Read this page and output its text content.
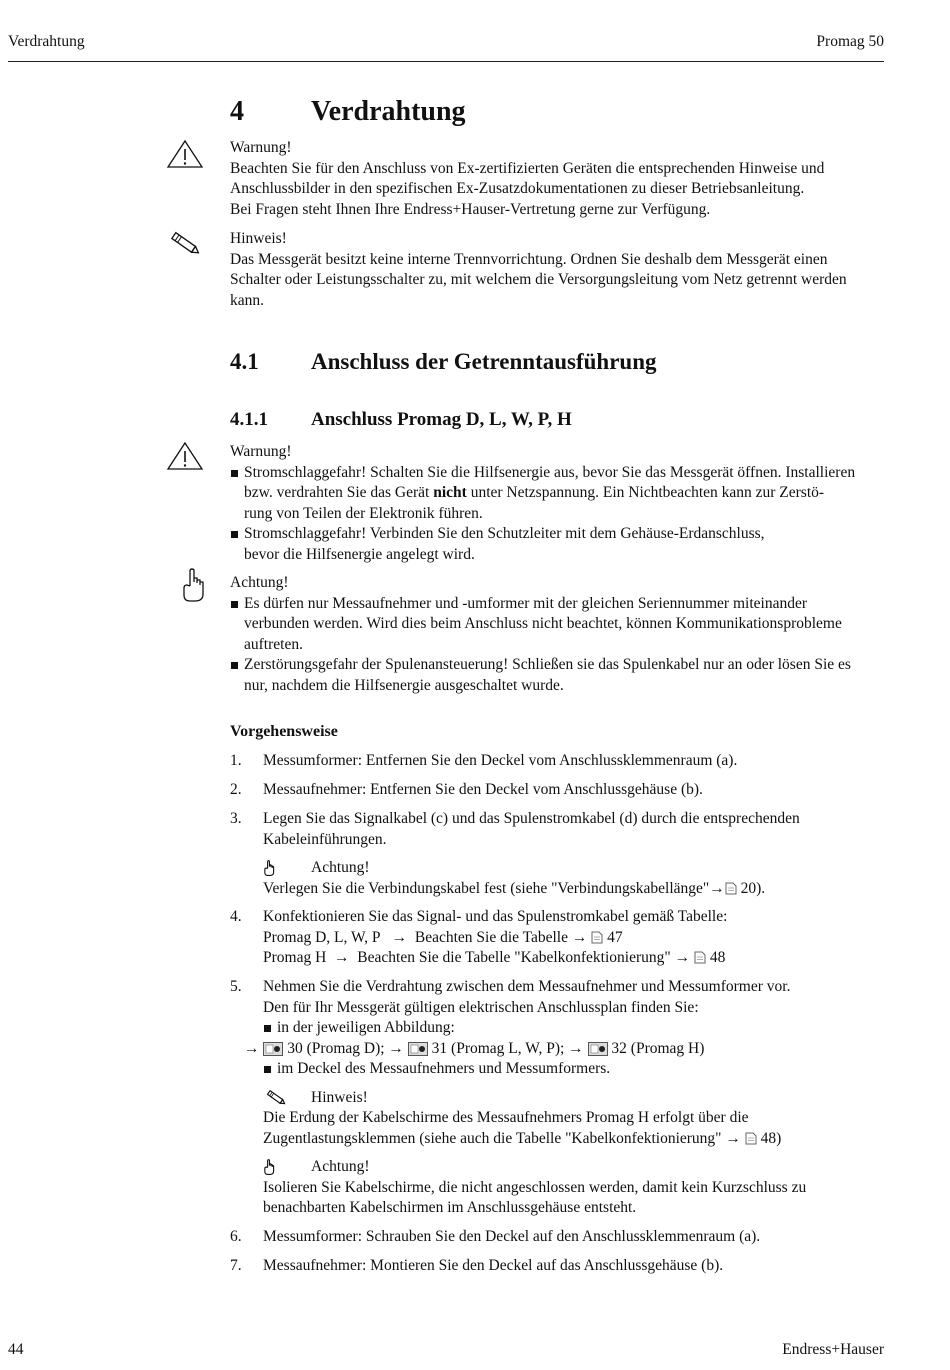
Verdrahtung	Promag 50
4 Verdrahtung

Warnung!

Beachten Sie für den Anschluss von Ex-zertifizierten Geräten die entsprechenden Hinweise und

Anschlussbilder in den spezifischen Ex-Zusatzdokumentationen zu dieser Betriebsanleitung.

Bei Fragen steht Ihnen Ihre Endress+Hauser-Vertretung gerne zur Verfügung.

Hinweis!

Das Messgerät besitzt keine interne Trennvorrichtung. Ordnen Sie deshalb dem Messgerät einen

Schalter oder Leistungsschalter zu, mit welchem die Versorgungsleitung vom Netz getrennt werden

kann.

4.1 Anschluss der Getrenntausführung
4.1.1 Anschluss Promag D, L, W, P, H

Warnung!

Stromschlaggefahr! Schalten Sie die Hilfsenergie aus, bevor Sie das Messgerät öffnen. Installieren

bzw. verdrahten Sie das Gerät nicht unter Netzspannung. Ein Nichtbeachten kann zur Zerstö-

rung von Teilen der Elektronik führen.

Stromschlaggefahr! Verbinden Sie den Schutzleiter mit dem Gehäuse-Erdanschluss,

bevor die Hilfsenergie angelegt wird.

Achtung!

Es dürfen nur Messaufnehmer und -umformer mit der gleichen Seriennummer miteinander

verbunden werden. Wird dies beim Anschluss nicht beachtet, können Kommunikationsprobleme

auftreten.

Zerstörungsgefahr der Spulenansteuerung! Schließen sie das Spulenkabel nur an oder lösen Sie es

nur, nachdem die Hilfsenergie ausgeschaltet wurde.

Vorgehensweise
1. Messumformer: Entfernen Sie den Deckel vom Anschlussklemmenraum (a).

2. Messaufnehmer: Entfernen Sie den Deckel vom Anschlussgehäuse (b).

3. Legen Sie das Signalkabel (c) und das Spulenstromkabel (d) durch die entsprechenden

Kabeleinführungen.

Achtung!

Verlegen Sie die Verbindungskabel fest (siehe "Verbindungskabellänge"→ 20).

4. Konfektionieren Sie das Signal- und das Spulenstromkabel gemäß Tabelle:

Promag D, L, W, P   →  Beachten Sie die Tabelle →  47

Promag H  →  Beachten Sie die Tabelle "Kabelkonfektionierung" →  48

5. Nehmen Sie die Verdrahtung zwischen dem Messaufnehmer und Messumformer vor.

Den für Ihr Messgerät gültigen elektrischen Anschlussplan finden Sie:

in der jeweiligen Abbildung:

→  30 (Promag D); →  31 (Promag L, W, P); →  32 (Promag H)

im Deckel des Messaufnehmers und Messumformers.

Hinweis!

Die Erdung der Kabelschirme des Messaufnehmers Promag H erfolgt über die

Zugentlastungsklemmen (siehe auch die Tabelle "Kabelkonfektionierung" →  48)

Achtung!

Isolieren Sie Kabelschirme, die nicht angeschlossen werden, damit kein Kurzschluss zu

benachbarten Kabelschirmen im Anschlussgehäuse entsteht.

6. Messumformer: Schrauben Sie den Deckel auf den Anschlussklemmenraum (a).

7. Messaufnehmer: Montieren Sie den Deckel auf das Anschlussgehäuse (b).

44	Endress+Hauser
